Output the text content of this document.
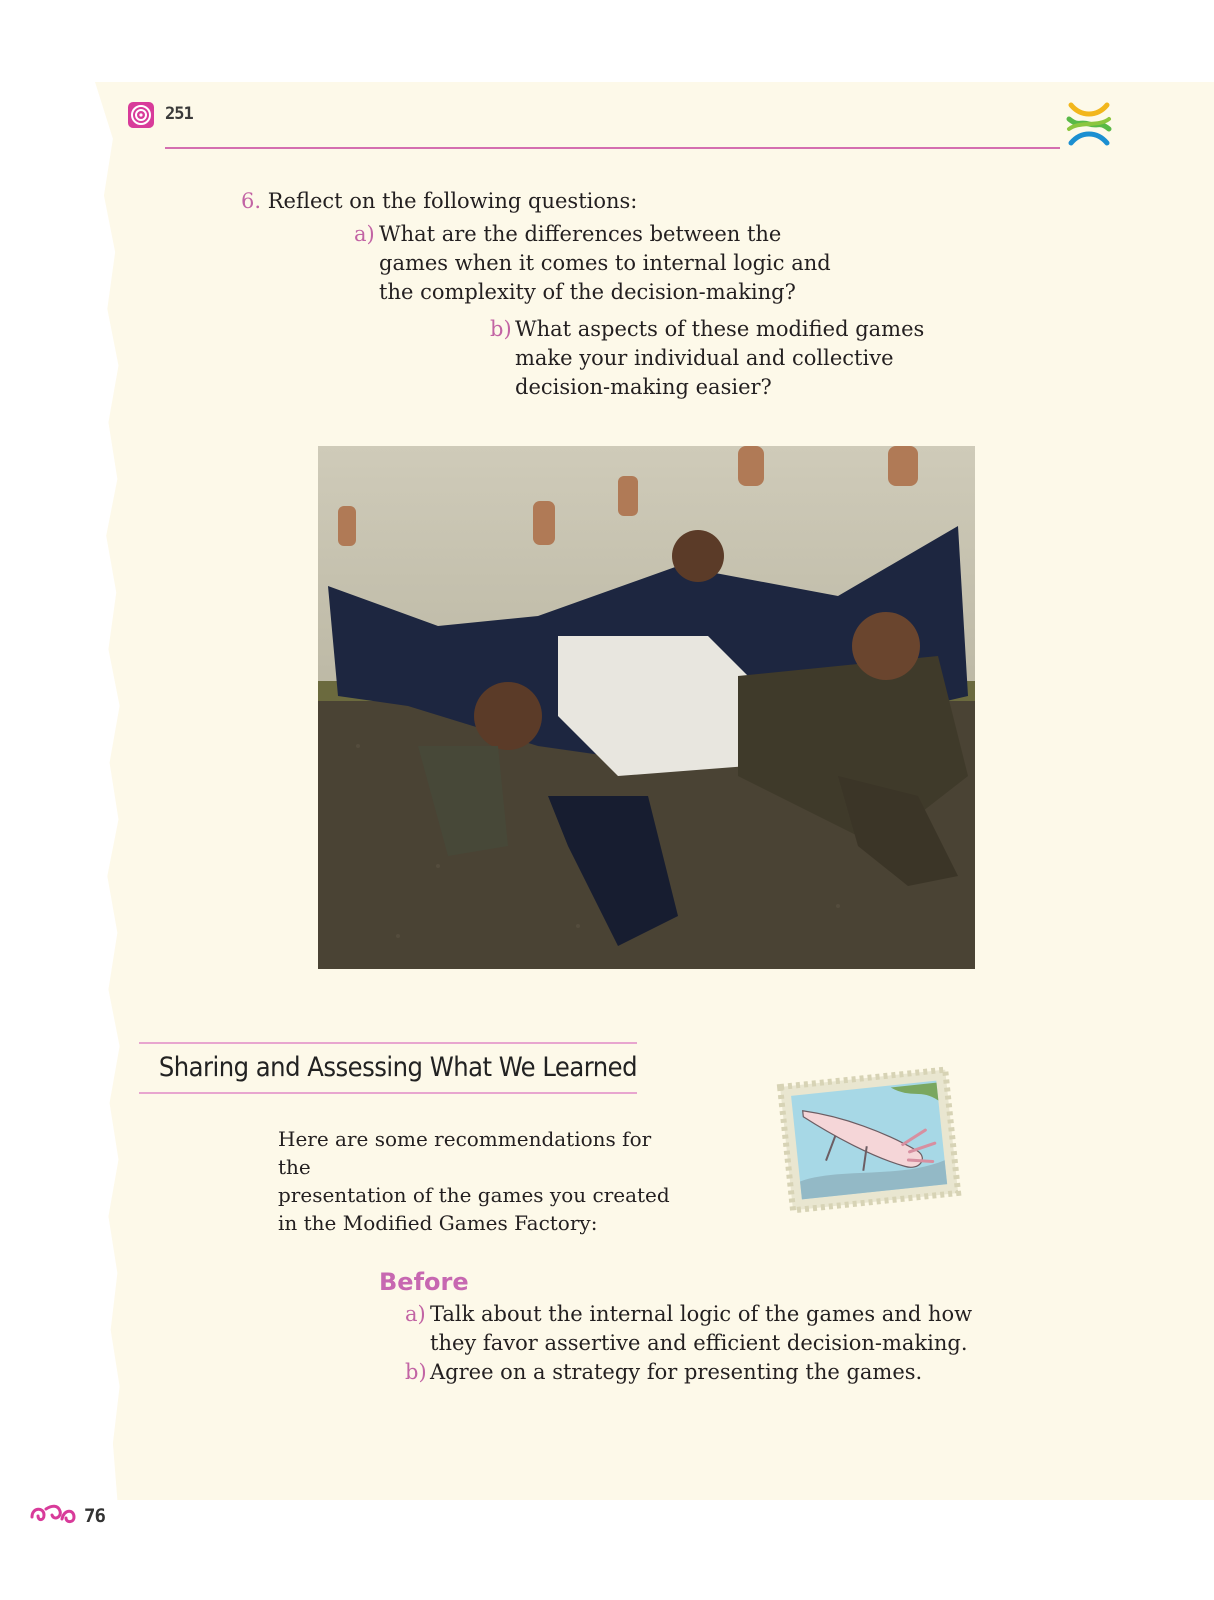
251
6. Reflect on the following questions:
a) What are the differences between the
games when it comes to internal logic and
the complexity of the decision-making?
b) What aspects of these modified games
make your individual and collective
decision-making easier?
Sharing and Assessing What We Learned
Here are some recommendations for the
presentation of the games you created
in the Modified Games Factory:
Before
a) Talk about the internal logic of the games and how
they favor assertive and efficient decision-making.
b) Agree on a strategy for presenting the games.
76
